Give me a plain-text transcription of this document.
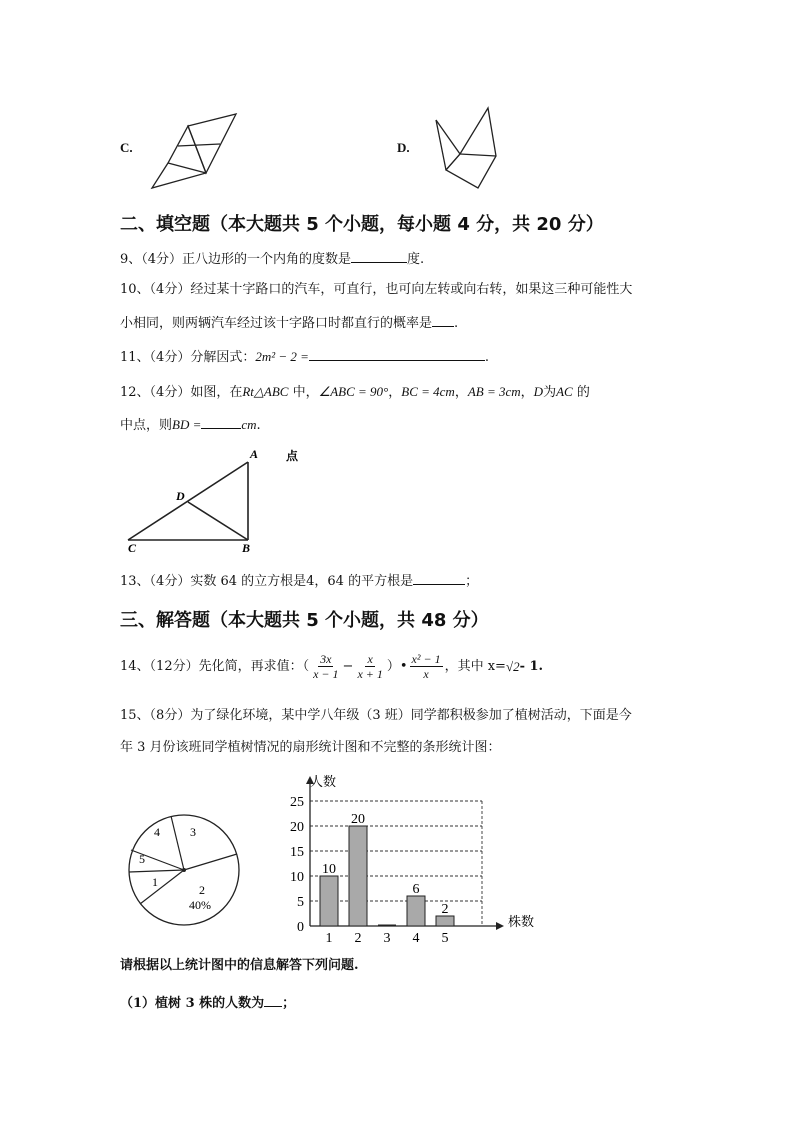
C.	D.
二、填空题（本大题共 5 个小题，每小题 4 分，共 20 分）
9、（4分）正八边形的一个内角的度数是	度.
10、（4分）经过某十字路口的汽车，可直行，也可向左转或向右转，如果这三种可能性大
小相同，则两辆汽车经过该十字路口时都直行的概率是 .
11、（4分）分解因式：2m² − 2 =	.
12、（4分）如图，在Rt△ABC 中，∠ABC = 90°，BC = 4cm，AB = 3cm，D为AC 的
中点，则BD =	cm.
A
B
C
D
点
13、（4分）实数 64 的立方根是4，64 的平方根是	；
三、解答题（本大题共 5 个小题，共 48 分）
14、（12分）先化简，再求值：（ $\frac{3x}{x - 1} - \frac{x}{x + 1}$ ）• $\frac{\text{x² − 1}}{x}$ ，其中 x= √2 - 1.
15、（8分）为了绿化环境，某中学八年级（3 班）同学都积极参加了植树活动，下面是今
年 3 月份该班同学植树情况的扇形统计图和不完整的条形统计图：
4	3
5
1
2
40%
0
5
10
15
20
25
1 2 3 4 5
10
20
6
2
人数
株数
请根据以上统计图中的信息解答下列问题.
（1）植树 3 株的人数为 ；
